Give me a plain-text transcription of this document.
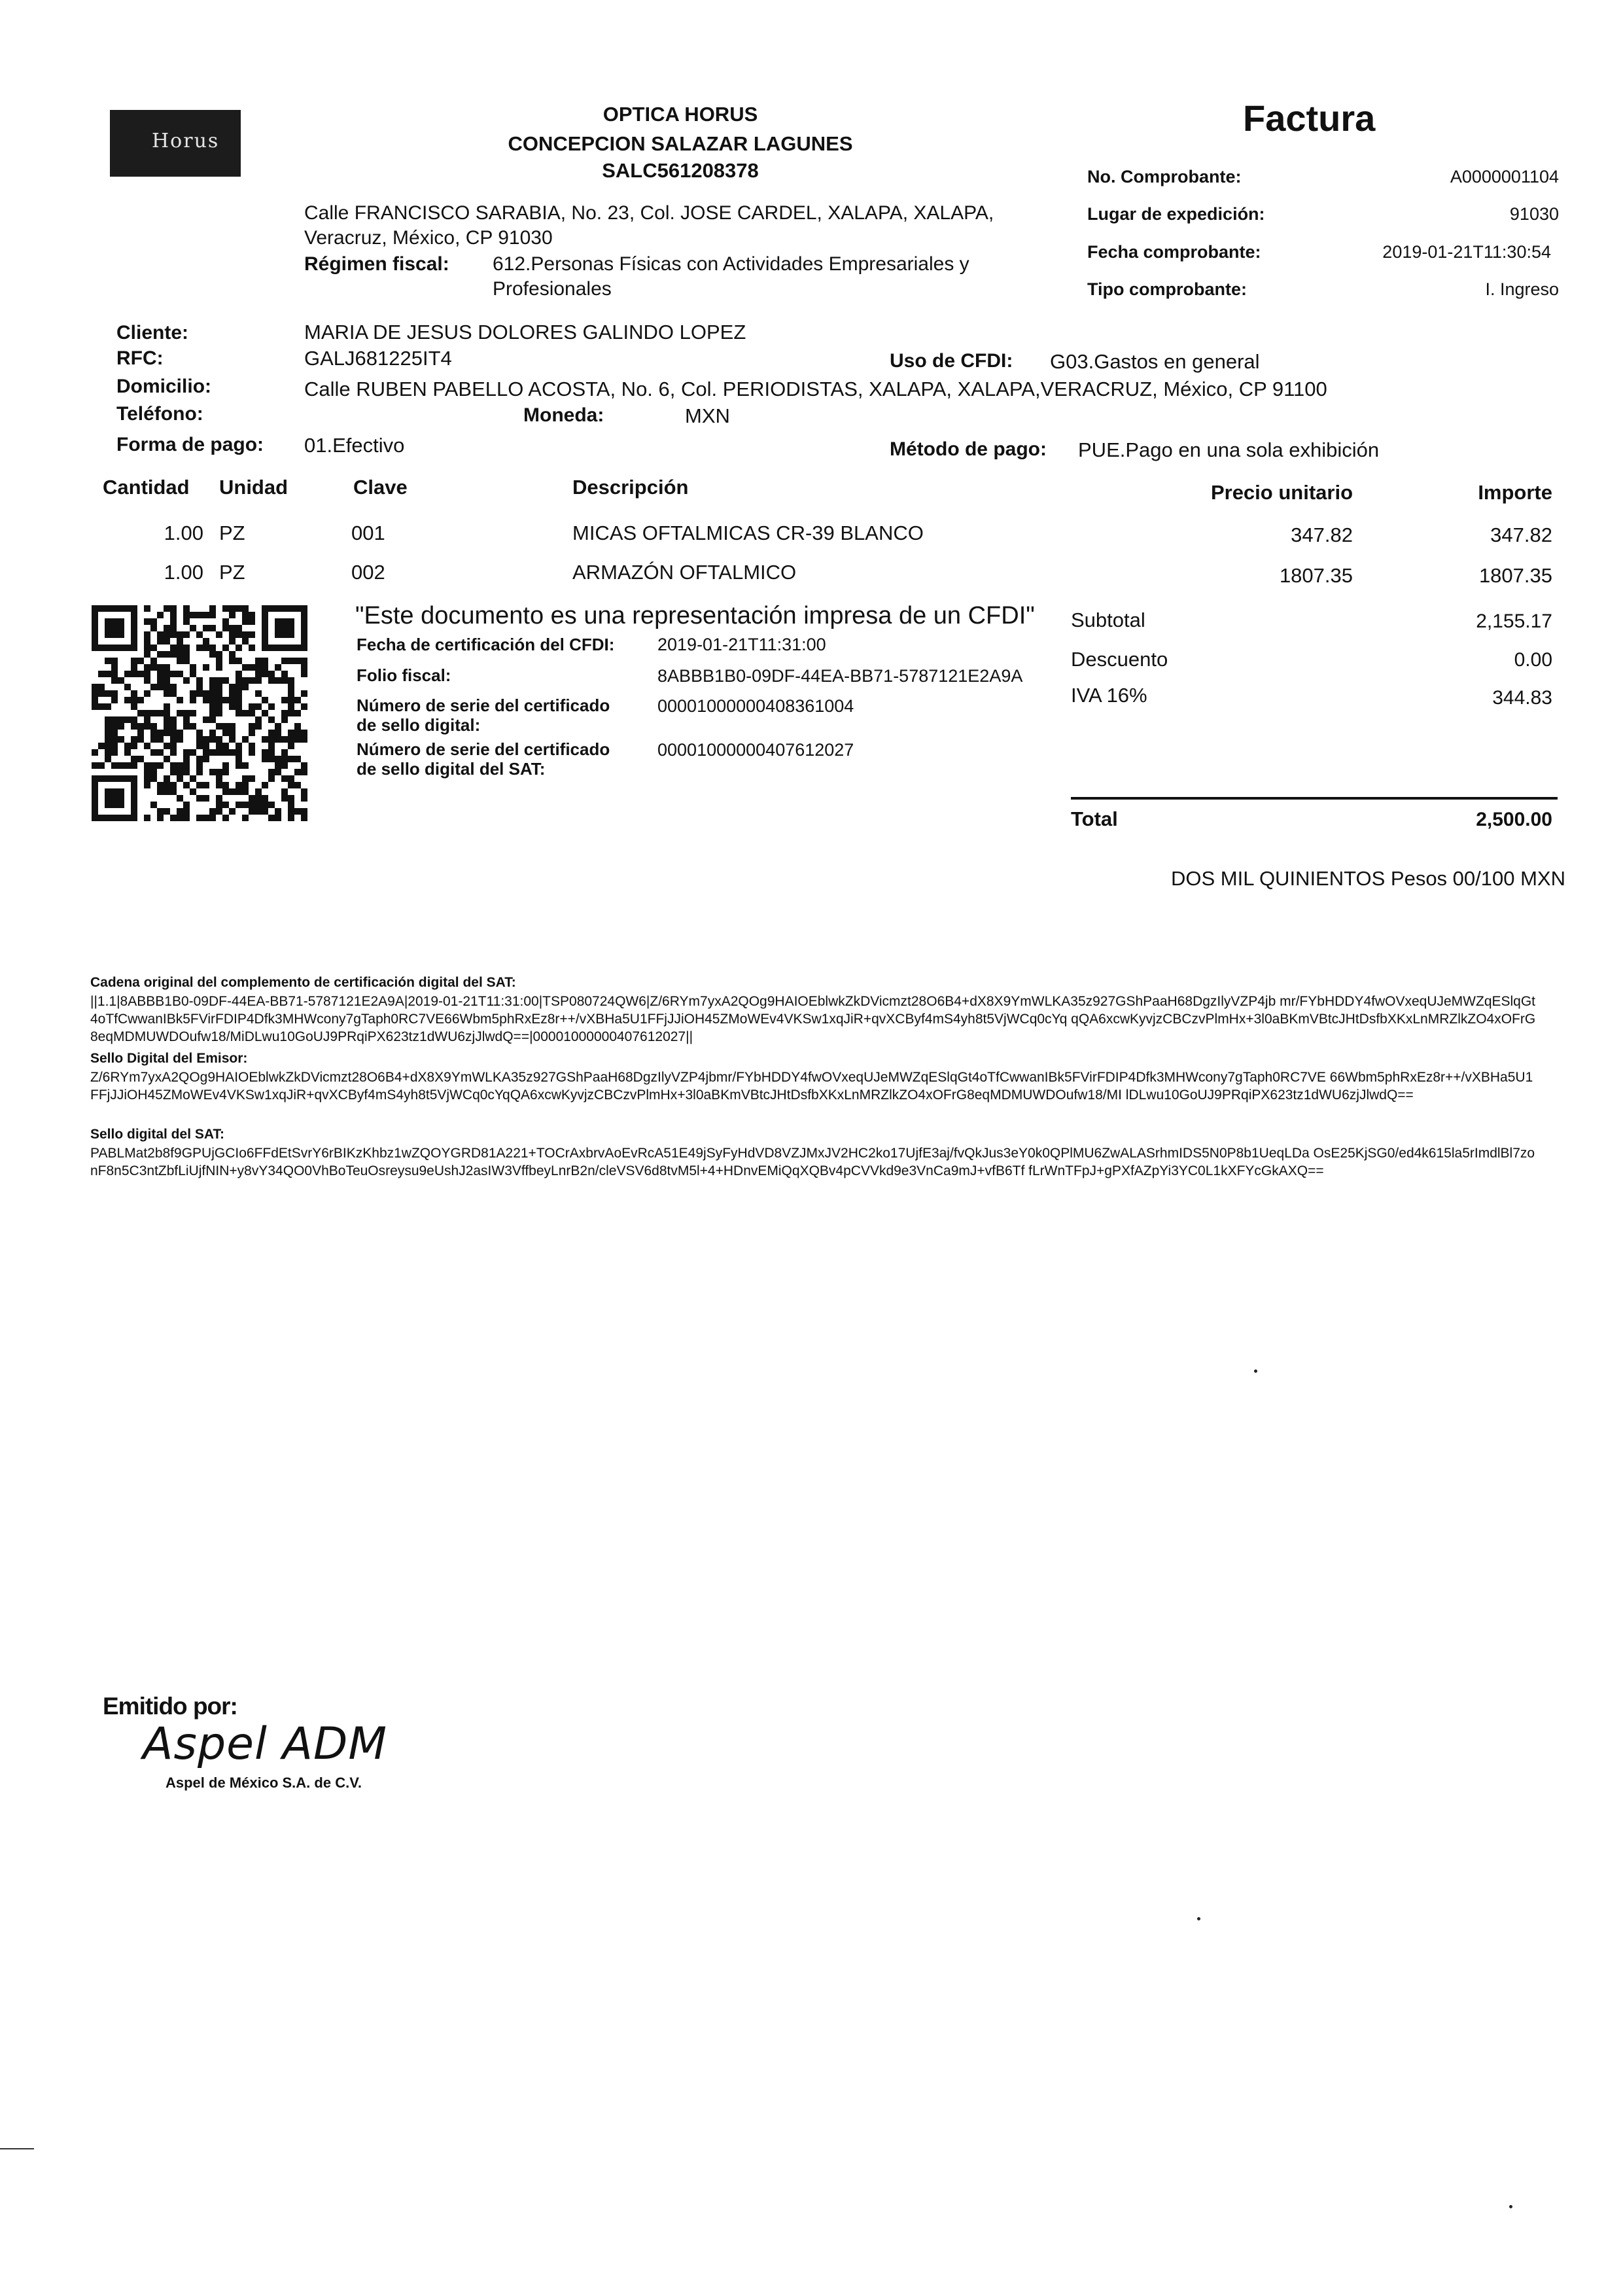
Horus
OPTICA HORUS
CONCEPCION SALAZAR LAGUNES
SALC561208378
Calle FRANCISCO SARABIA, No. 23, Col. JOSE CARDEL, XALAPA, XALAPA,
Veracruz, México, CP 91030
Régimen fiscal: 612.Personas Físicas con Actividades Empresariales y
Profesionales
Factura
No. Comprobante:	A0000001104
Lugar de expedición:	91030
Fecha comprobante:	2019-01-21T11:30:54
Tipo comprobante:	I. Ingreso
Cliente:	MARIA DE JESUS DOLORES GALINDO LOPEZ
RFC:	GALJ681225IT4	Uso de CFDI: G03.Gastos en general
Domicilio:	Calle RUBEN PABELLO ACOSTA, No. 6, Col. PERIODISTAS, XALAPA, XALAPA,VERACRUZ, México, CP 91100
Teléfono:	Moneda:	MXN
Forma de pago: 01.Efectivo	Método de pago: PUE.Pago en una sola exhibición
Cantidad Unidad	Clave	Descripción	Precio unitario	Importe
1.00 PZ	001	MICAS OFTALMICAS CR-39 BLANCO	347.82	347.82
1.00 PZ	002	ARMAZÓN OFTALMICO	1807.35	1807.35
"Este documento es una representación impresa de un CFDI"
Fecha de certificación del CFDI: 2019-01-21T11:31:00
Folio fiscal:	8ABBB1B0-09DF-44EA-BB71-5787121E2A9A
Número de serie del certificado
de sello digital:
00001000000408361004
Número de serie del certificado
de sello digital del SAT:
00001000000407612027
Subtotal	2,155.17
Descuento	0.00
IVA 16%	344.83
Total	2,500.00
DOS MIL QUINIENTOS Pesos 00/100 MXN
Cadena original del complemento de certificación digital del SAT:
||1.1|8ABBB1B0-09DF-44EA-BB71-5787121E2A9A|2019-01-21T11:31:00|TSP080724QW6|Z/6RYm7yxA2QOg9HAIOEblwkZkDVicmzt28O6B4+dX8X9YmWLKA35z927GShPaaH68DgzIlyVZP4jb mr/FYbHDDY4fwOVxeqUJeMWZqESlqGt4oTfCwwanIBk5FVirFDIP4Dfk3MHWcony7gTaph0RC7VE66Wbm5phRxEz8r++/vXBHa5U1FFjJJiOH45ZMoWEv4VKSw1xqJiR+qvXCByf4mS4yh8t5VjWCq0cYq qQA6xcwKyvjzCBCzvPlmHx+3l0aBKmVBtcJHtDsfbXKxLnMRZlkZO4xOFrG8eqMDMUWDOufw18/MiDLwu10GoUJ9PRqiPX623tz1dWU6zjJlwdQ==|00001000000407612027||
Sello Digital del Emisor:
Z/6RYm7yxA2QOg9HAIOEblwkZkDVicmzt28O6B4+dX8X9YmWLKA35z927GShPaaH68DgzIlyVZP4jbmr/FYbHDDY4fwOVxeqUJeMWZqESlqGt4oTfCwwanIBk5FVirFDIP4Dfk3MHWcony7gTaph0RC7VE 66Wbm5phRxEz8r++/vXBHa5U1FFjJJiOH45ZMoWEv4VKSw1xqJiR+qvXCByf4mS4yh8t5VjWCq0cYqQA6xcwKyvjzCBCzvPlmHx+3l0aBKmVBtcJHtDsfbXKxLnMRZlkZO4xOFrG8eqMDMUWDOufw18/MI lDLwu10GoUJ9PRqiPX623tz1dWU6zjJlwdQ==
Sello digital del SAT:
PABLMat2b8f9GPUjGCIo6FFdEtSvrY6rBIKzKhbz1wZQOYGRD81A221+TOCrAxbrvAoEvRcA51E49jSyFyHdVD8VZJMxJV2HC2ko17UjfE3aj/fvQkJus3eY0k0QPlMU6ZwALASrhmIDS5N0P8b1UeqLDa OsE25KjSG0/ed4k615la5rImdlBl7zonF8n5C3ntZbfLiUjfNIN+y8vY34QO0VhBoTeuOsreysu9eUshJ2asIW3VffbeyLnrB2n/cleVSV6d8tvM5l+4+HDnvEMiQqXQBv4pCVVkd9e3VnCa9mJ+vfB6Tf fLrWnTFpJ+gPXfAZpYi3YC0L1kXFYcGkAXQ==
Emitido por:
Aspel ADM
Aspel de México S.A. de C.V.
